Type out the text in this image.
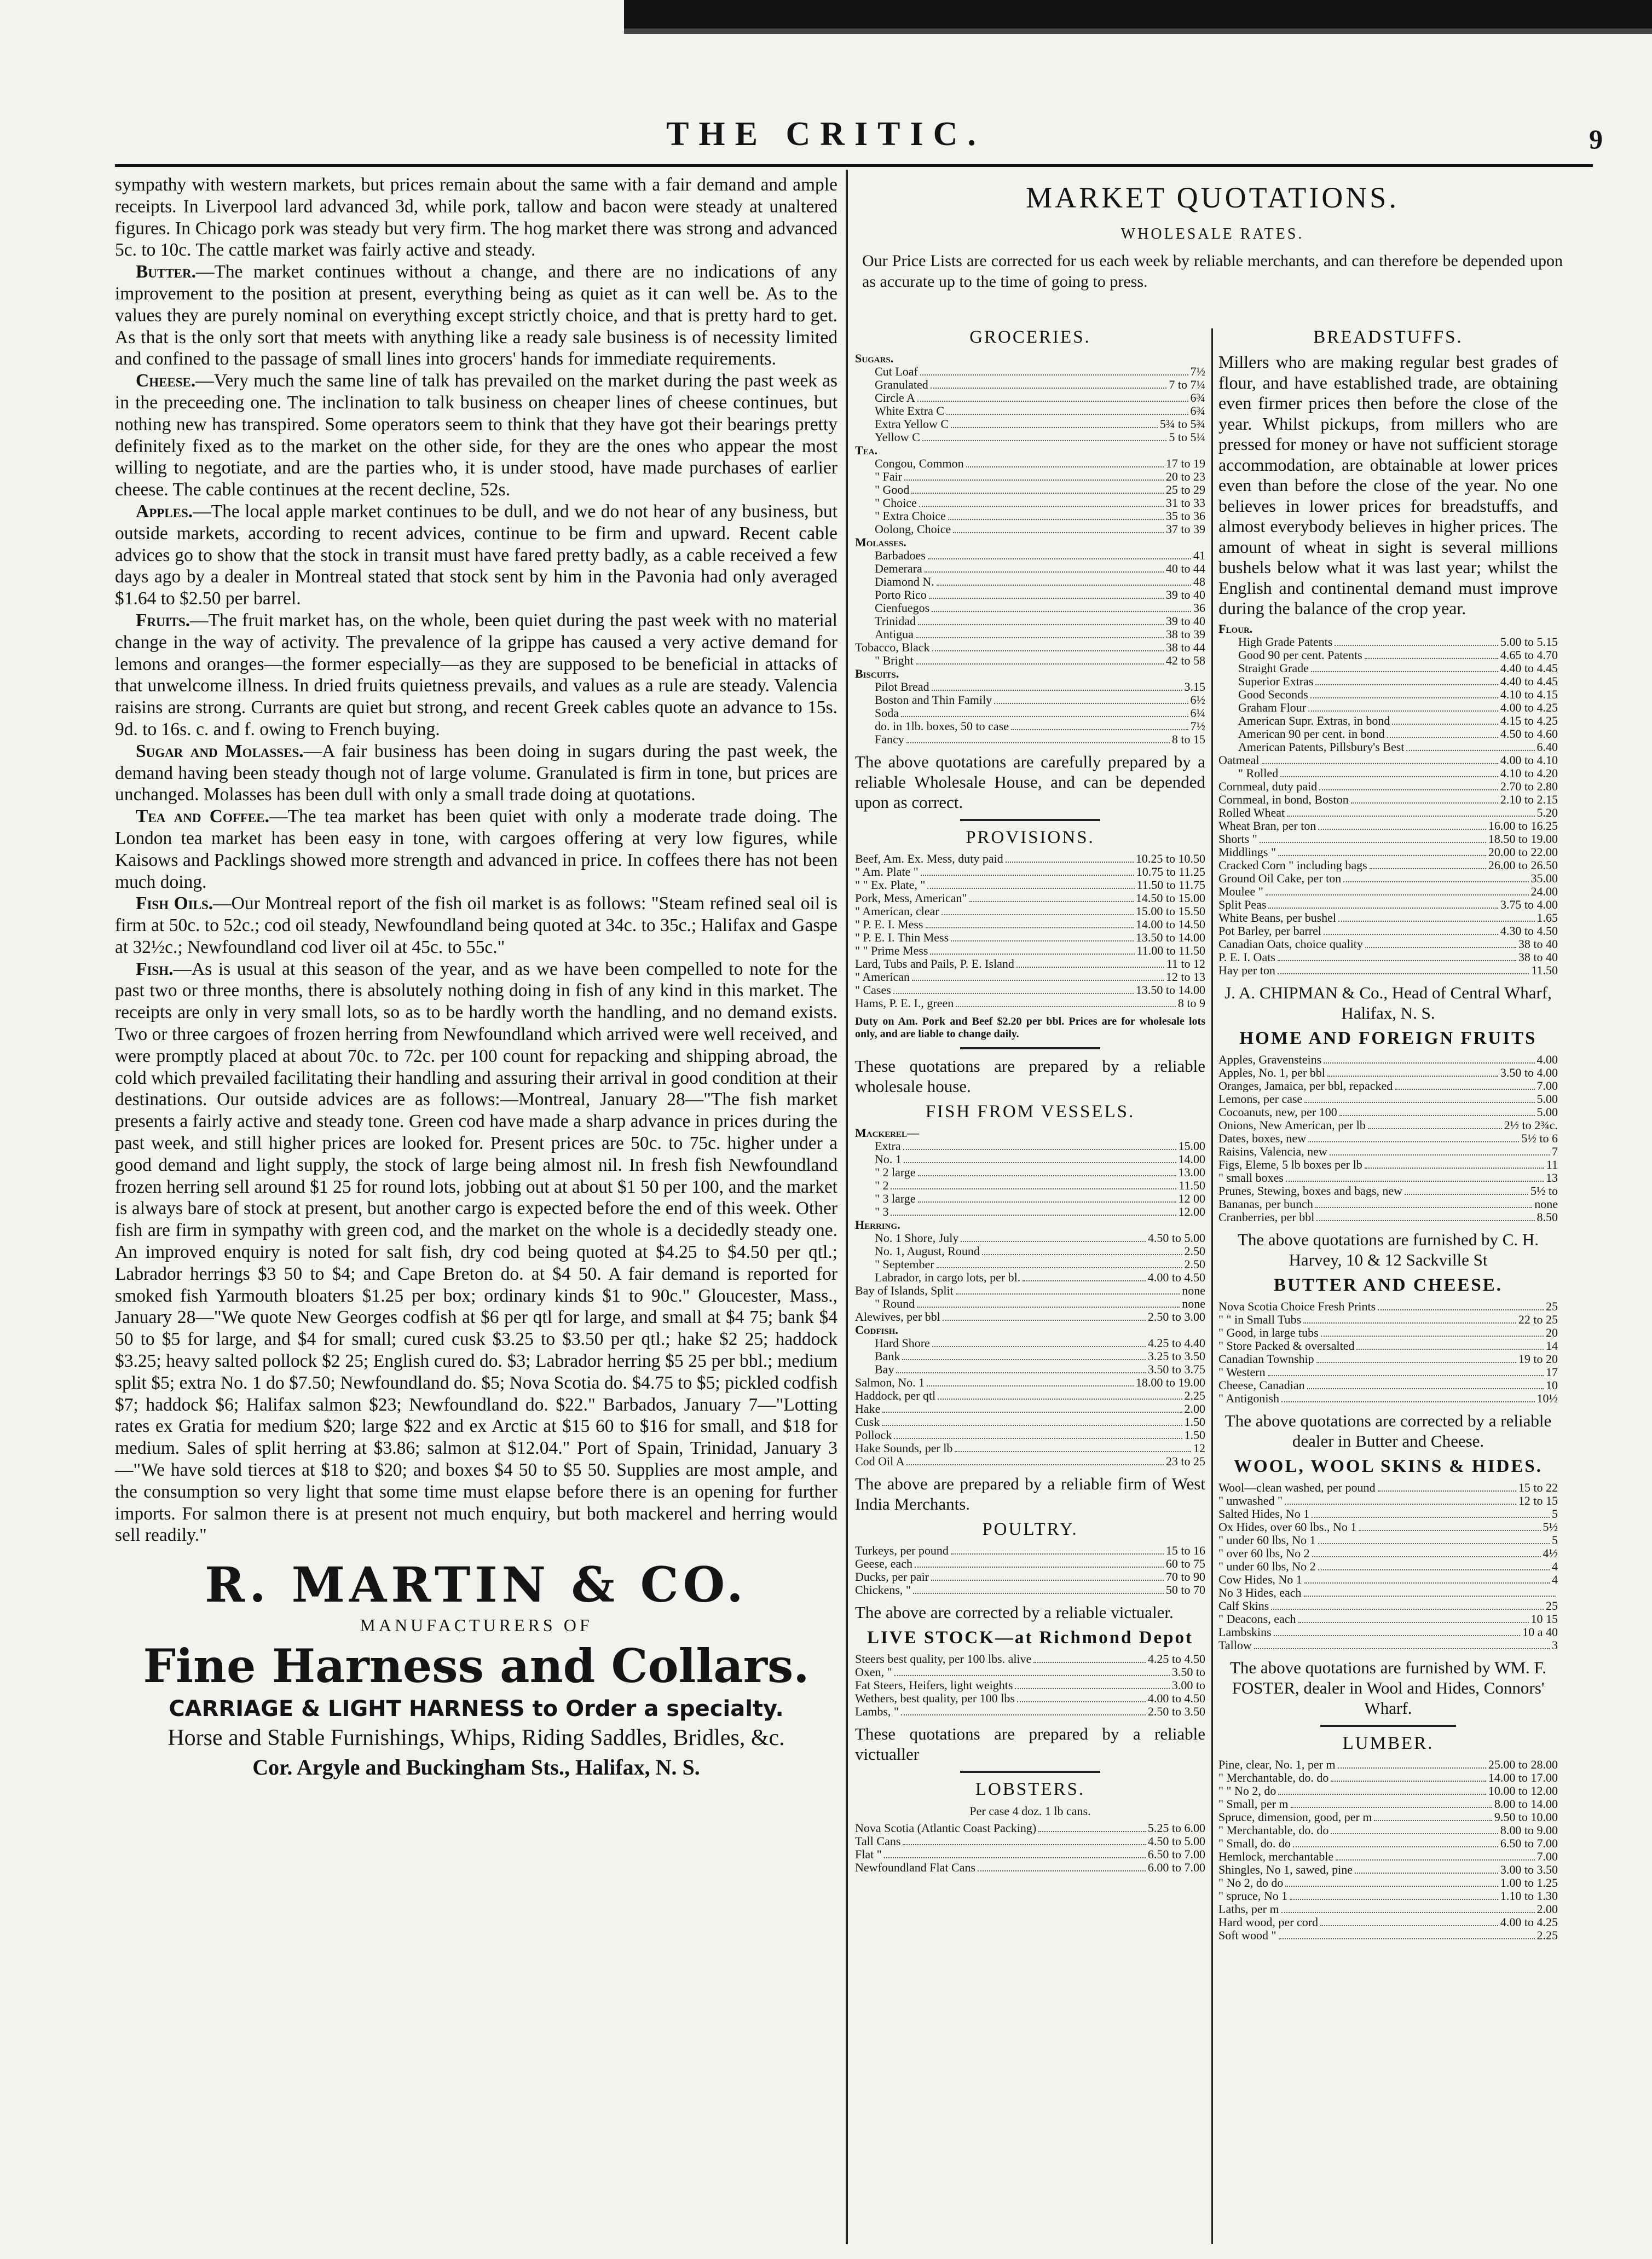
THE CRITIC.	9

sympathy with western markets, but prices remain about the same with a fair demand and ample receipts. In Liverpool lard advanced 3d, while pork, tallow and bacon were steady at unaltered figures. In Chicago pork was steady but very firm. The hog market there was strong and advanced 5c. to 10c. The cattle market was fairly active and steady.

Butter.—The market continues without a change, and there are no indications of any improvement to the position at present, everything being as quiet as it can well be. As to the values they are purely nominal on everything except strictly choice, and that is pretty hard to get. As that is the only sort that meets with anything like a ready sale business is of necessity limited and confined to the passage of small lines into grocers' hands for immediate requirements.

Cheese.—Very much the same line of talk has prevailed on the market during the past week as in the preceeding one. The inclination to talk business on cheaper lines of cheese continues, but nothing new has transpired. Some operators seem to think that they have got their bearings pretty definitely fixed as to the market on the other side, for they are the ones who appear the most willing to negotiate, and are the parties who, it is under stood, have made purchases of earlier cheese. The cable continues at the recent decline, 52s.

Apples.—The local apple market continues to be dull, and we do not hear of any business, but outside markets, according to recent advices, continue to be firm and upward. Recent cable advices go to show that the stock in transit must have fared pretty badly, as a cable received a few days ago by a dealer in Montreal stated that stock sent by him in the Pavonia had only averaged $1.64 to $2.50 per barrel.

Fruits.—The fruit market has, on the whole, been quiet during the past week with no material change in the way of activity. The prevalence of la grippe has caused a very active demand for lemons and oranges—the former especially—as they are supposed to be beneficial in attacks of that unwelcome illness. In dried fruits quietness prevails, and values as a rule are steady. Valencia raisins are strong. Currants are quiet but strong, and recent Greek cables quote an advance to 15s. 9d. to 16s. c. and f. owing to French buying.

Sugar and Molasses.—A fair business has been doing in sugars during the past week, the demand having been steady though not of large volume. Granulated is firm in tone, but prices are unchanged. Molasses has been dull with only a small trade doing at quotations.

Tea and Coffee.—The tea market has been quiet with only a moderate trade doing. The London tea market has been easy in tone, with cargoes offering at very low figures, while Kaisows and Packlings showed more strength and advanced in price. In coffees there has not been much doing.

Fish Oils.—Our Montreal report of the fish oil market is as follows: "Steam refined seal oil is firm at 50c. to 52c.; cod oil steady, Newfoundland being quoted at 34c. to 35c.; Halifax and Gaspe at 32½c.; Newfoundland cod liver oil at 45c. to 55c."

Fish.—As is usual at this season of the year, and as we have been compelled to note for the past two or three months, there is absolutely nothing doing in fish of any kind in this market. The receipts are only in very small lots, so as to be hardly worth the handling, and no demand exists. Two or three cargoes of frozen herring from Newfoundland which arrived were well received, and were promptly placed at about 70c. to 72c. per 100 count for repacking and shipping abroad, the cold which prevailed facilitating their handling and assuring their arrival in good condition at their destinations. Our outside advices are as follows:—Montreal, January 28—"The fish market presents a fairly active and steady tone. Green cod have made a sharp advance in prices during the past week, and still higher prices are looked for. Present prices are 50c. to 75c. higher under a good demand and light supply, the stock of large being almost nil. In fresh fish Newfoundland frozen herring sell around $1 25 for round lots, jobbing out at about $1 50 per 100, and the market is always bare of stock at present, but another cargo is expected before the end of this week. Other fish are firm in sympathy with green cod, and the market on the whole is a decidedly steady one. An improved enquiry is noted for salt fish, dry cod being quoted at $4.25 to $4.50 per qtl.; Labrador herrings $3 50 to $4; and Cape Breton do. at $4 50. A fair demand is reported for smoked fish Yarmouth bloaters $1.25 per box; ordinary kinds $1 to 90c." Gloucester, Mass., January 28—"We quote New Georges codfish at $6 per qtl for large, and small at $4 75; bank $4 50 to $5 for large, and $4 for small; cured cusk $3.25 to $3.50 per qtl.; hake $2 25; haddock $3.25; heavy salted pollock $2 25; English cured do. $3; Labrador herring $5 25 per bbl.; medium split $5; extra No. 1 do $7.50; Newfoundland do. $5; Nova Scotia do. $4.75 to $5; pickled codfish $7; haddock $6; Halifax salmon $23; Newfoundland do. $22." Barbados, January 7—"Lotting rates ex Gratia for medium $20; large $22 and ex Arctic at $15 60 to $16 for small, and $18 for medium. Sales of split herring at $3.86; salmon at $12.04." Port of Spain, Trinidad, January 3—"We have sold tierces at $18 to $20; and boxes $4 50 to $5 50. Supplies are most ample, and the consumption so very light that some time must elapse before there is an opening for further imports. For salmon there is at present not much enquiry, but both mackerel and herring would sell readily."

R. MARTIN & CO.
MANUFACTURERS OF
Fine Harness and Collars.
CARRIAGE & LIGHT HARNESS to Order a specialty.
Horse and Stable Furnishings, Whips, Riding Saddles, Bridles, &c.
Cor. Argyle and Buckingham Sts., Halifax, N. S.
MARKET QUOTATIONS.
WHOLESALE RATES.
Our Price Lists are corrected for us each week by reliable merchants, and can therefore be depended upon as accurate up to the time of going to press.
GROCERIES.
Sugars.
Cut Loaf	7½
Granulated	7 to 7¼
Circle A	6¾
White Extra C	6¾
Extra Yellow C	5¾ to 5¾
Yellow C	5 to 5¼
Tea.
Congou, Common	17 to 19
" Fair	20 to 23
" Good	25 to 29
" Choice	31 to 33
" Extra Choice	35 to 36
Oolong, Choice	37 to 39
Molasses.
Barbadoes	41
Demerara	40 to 44
Diamond N.	48
Porto Rico	39 to 40
Cienfuegos	36
Trinidad	39 to 40
Antigua	38 to 39
Tobacco, Black	38 to 44
" Bright	42 to 58
Biscuits.
Pilot Bread	3.15
Boston and Thin Family	6½
Soda	6¼
do. in 1lb. boxes, 50 to case	7½
Fancy	8 to 15
The above quotations are carefully prepared by a reliable Wholesale House, and can be depended upon as correct.
PROVISIONS.
Beef, Am. Ex. Mess, duty paid	10.25 to 10.50
" Am. Plate "	10.75 to 11.25
" " Ex. Plate, "	11.50 to 11.75
Pork, Mess, American"	14.50 to 15.00
" American, clear	15.00 to 15.50
" P. E. I. Mess	14.00 to 14.50
" P. E. I. Thin Mess	13.50 to 14.00
" " Prime Mess	11.00 to 11.50
Lard, Tubs and Pails, P. E. Island	11 to 12
" American	12 to 13
" Cases	13.50 to 14.00
Hams, P. E. I., green	8 to 9
Duty on Am. Pork and Beef $2.20 per bbl. Prices are for wholesale lots only, and are liable to change daily.
These quotations are prepared by a reliable wholesale house.
FISH FROM VESSELS.
Mackerel—
Extra	15.00
No. 1	14.00
" 2 large	13.00
" 2	11.50
" 3 large	12 00
" 3	12.00
Herring.
No. 1 Shore, July	4.50 to 5.00
No. 1, August, Round	2.50
" September	2.50
Labrador, in cargo lots, per bl.	4.00 to 4.50
Bay of Islands, Split	none
" Round	none
Alewives, per bbl	2.50 to 3.00
Codfish.
Hard Shore	4.25 to 4.40
Bank	3.25 to 3.50
Bay	3.50 to 3.75
Salmon, No. 1	18.00 to 19.00
Haddock, per qtl	2.25
Hake	2.00
Cusk	1.50
Pollock	1.50
Hake Sounds, per lb	12
Cod Oil A	23 to 25
The above are prepared by a reliable firm of West India Merchants.
POULTRY.
Turkeys, per pound	15 to 16
Geese, each	60 to 75
Ducks, per pair	70 to 90
Chickens, "	50 to 70
The above are corrected by a reliable victualer.
LIVE STOCK—at Richmond Depot
Steers best quality, per 100 lbs. alive	4.25 to 4.50
Oxen, "	3.50 to
Fat Steers, Heifers, light weights	3.00 to
Wethers, best quality, per 100 lbs	4.00 to 4.50
Lambs, "	2.50 to 3.50
These quotations are prepared by a reliable victualler
LOBSTERS.
Per case 4 doz. 1 lb cans.
Nova Scotia (Atlantic Coast Packing)	5.25 to 6.00
Tall Cans	4.50 to 5.00
Flat "	6.50 to 7.00
Newfoundland Flat Cans	6.00 to 7.00
BREADSTUFFS.
Millers who are making regular best grades of flour, and have established trade, are obtaining even firmer prices then before the close of the year. Whilst pickups, from millers who are pressed for money or have not sufficient storage accommodation, are obtainable at lower prices even than before the close of the year. No one believes in lower prices for breadstuffs, and almost everybody believes in higher prices. The amount of wheat in sight is several millions bushels below what it was last year; whilst the English and continental demand must improve during the balance of the crop year.
Flour.
High Grade Patents	5.00 to 5.15
Good 90 per cent. Patents	4.65 to 4.70
Straight Grade	4.40 to 4.45
Superior Extras	4.40 to 4.45
Good Seconds	4.10 to 4.15
Graham Flour	4.00 to 4.25
American Supr. Extras, in bond	4.15 to 4.25
American 90 per cent. in bond	4.50 to 4.60
American Patents, Pillsbury's Best	6.40
Oatmeal	4.00 to 4.10
" Rolled	4.10 to 4.20
Cornmeal, duty paid	2.70 to 2.80
Cornmeal, in bond, Boston	2.10 to 2.15
Rolled Wheat	5.20
Wheat Bran, per ton	16.00 to 16.25
Shorts "	18.50 to 19.00
Middlings "	20.00 to 22.00
Cracked Corn " including bags	26.00 to 26.50
Ground Oil Cake, per ton	35.00
Moulee "	24.00
Split Peas	3.75 to 4.00
White Beans, per bushel	1.65
Pot Barley, per barrel	4.30 to 4.50
Canadian Oats, choice quality	38 to 40
P. E. I. Oats	38 to 40
Hay per ton	11.50
J. A. CHIPMAN & Co., Head of Central Wharf, Halifax, N. S.
HOME AND FOREIGN FRUITS
Apples, Gravensteins	4.00
Apples, No. 1, per bbl	3.50 to 4.00
Oranges, Jamaica, per bbl, repacked	7.00
Lemons, per case	5.00
Cocoanuts, new, per 100	5.00
Onions, New American, per lb	2½ to 2¾c.
Dates, boxes, new	5½ to 6
Raisins, Valencia, new	7
Figs, Eleme, 5 lb boxes per lb	11
" small boxes	13
Prunes, Stewing, boxes and bags, new	5½ to
Bananas, per bunch	none
Cranberries, per bbl	8.50
The above quotations are furnished by C. H. Harvey, 10 & 12 Sackville St
BUTTER AND CHEESE.
Nova Scotia Choice Fresh Prints	25
" " in Small Tubs	22 to 25
" Good, in large tubs	20
" Store Packed & oversalted	14
Canadian Township	19 to 20
" Western	17
Cheese, Canadian	10
" Antigonish	10½
The above quotations are corrected by a reliable dealer in Butter and Cheese.
WOOL, WOOL SKINS & HIDES.
Wool—clean washed, per pound	15 to 22
" unwashed "	12 to 15
Salted Hides, No 1	5
Ox Hides, over 60 lbs., No 1	5½
" under 60 lbs, No 1	5
" over 60 lbs, No 2	4½
" under 60 lbs, No 2	4
Cow Hides, No 1	4
No 3 Hides, each
Calf Skins	25
" Deacons, each	10 15
Lambskins	10 a 40
Tallow	3
The above quotations are furnished by WM. F. FOSTER, dealer in Wool and Hides, Connors' Wharf.
LUMBER.
Pine, clear, No. 1, per m	25.00 to 28.00
" Merchantable, do. do	14.00 to 17.00
" " No 2, do	10.00 to 12.00
" Small, per m	8.00 to 14.00
Spruce, dimension, good, per m	9.50 to 10.00
" Merchantable, do. do	8.00 to 9.00
" Small, do. do	6.50 to 7.00
Hemlock, merchantable	7.00
Shingles, No 1, sawed, pine	3.00 to 3.50
" No 2, do do	1.00 to 1.25
" spruce, No 1	1.10 to 1.30
Laths, per m	2.00
Hard wood, per cord	4.00 to 4.25
Soft wood "	2.25
